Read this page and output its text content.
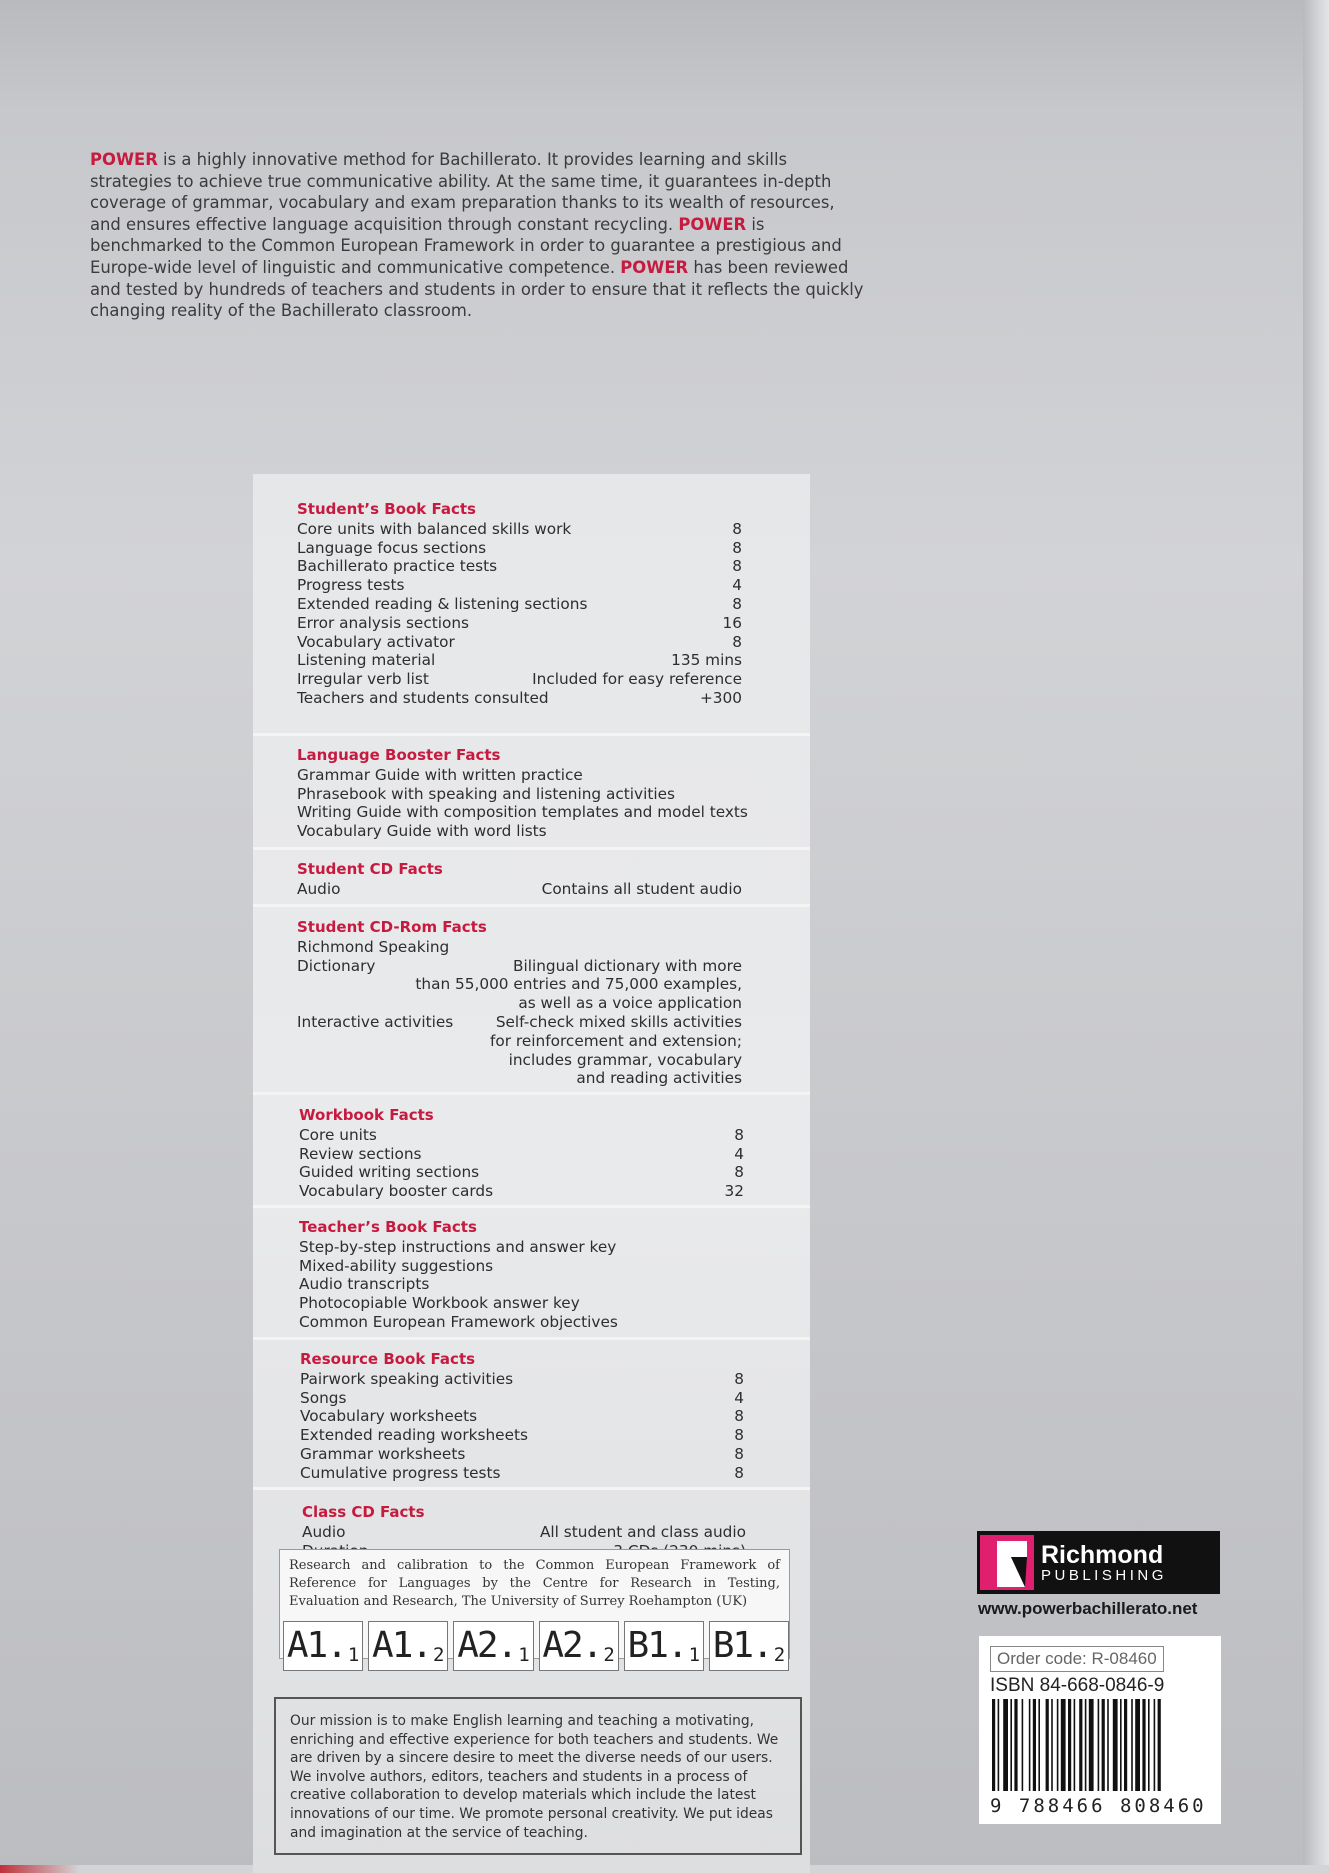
POWER is a highly innovative method for Bachillerato. It provides learning and skills strategies to achieve true communicative ability. At the same time, it guarantees in-depth coverage of grammar, vocabulary and exam preparation thanks to its wealth of resources, and ensures effective language acquisition through constant recycling. POWER is benchmarked to the Common European Framework in order to guarantee a prestigious and Europe-wide level of linguistic and communicative competence. POWER has been reviewed and tested by hundreds of teachers and students in order to ensure that it reflects the quickly changing reality of the Bachillerato classroom.
Student’s Book Facts
Core units with balanced skills work	8
Language focus sections	8
Bachillerato practice tests	8
Progress tests	4
Extended reading & listening sections	8
Error analysis sections	16
Vocabulary activator	8
Listening material	135 mins
Irregular verb list	Included for easy reference
Teachers and students consulted	+300
Language Booster Facts
Grammar Guide with written practice
Phrasebook with speaking and listening activities
Writing Guide with composition templates and model texts
Vocabulary Guide with word lists
Student CD Facts
Audio	Contains all student audio
Student CD-Rom Facts
Richmond Speaking
Dictionary	Bilingual dictionary with more
than 55,000 entries and 75,000 examples,
as well as a voice application
Interactive activities	Self-check mixed skills activities
for reinforcement and extension;
includes grammar, vocabulary
and reading activities
Workbook Facts
Core units	8
Review sections	4
Guided writing sections	8
Vocabulary booster cards	32
Teacher’s Book Facts
Step-by-step instructions and answer key
Mixed-ability suggestions
Audio transcripts
Photocopiable Workbook answer key
Common European Framework objectives
Resource Book Facts
Pairwork speaking activities	8
Songs	4
Vocabulary worksheets	8
Extended reading worksheets	8
Grammar worksheets	8
Cumulative progress tests	8
Class CD Facts
Audio	All student and class audio
Research and calibration to the Common European Framework of Reference for Languages by the Centre for Research in Testing, Evaluation and Research, The University of Surrey Roehampton (UK)
A1. 1 A1. 2 A2. 1 A2. 2 B1. 1 B1. 2
Our mission is to make English learning and teaching a motivating, enriching and effective experience for both teachers and students. We are driven by a sincere desire to meet the diverse needs of our users. We involve authors, editors, teachers and students in a process of creative collaboration to develop materials which include the latest innovations of our time. We promote personal creativity. We put ideas and imagination at the service of teaching.
Richmond
PUBLISHING
www.powerbachillerato.net
Order code: R-08460
ISBN 84-668-0846-9
9 788466 808460
